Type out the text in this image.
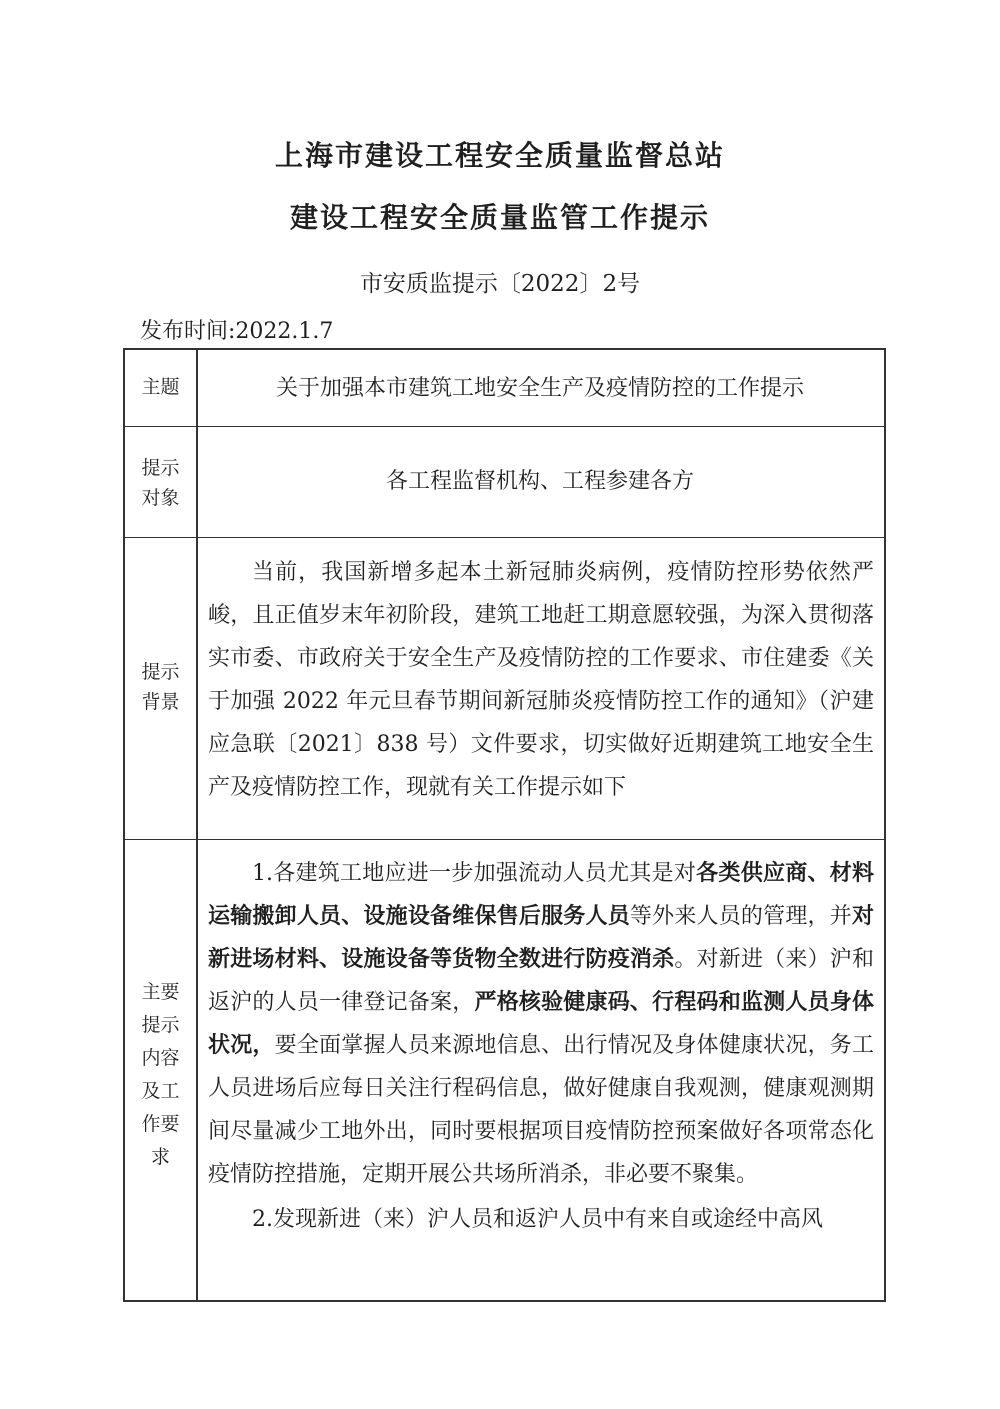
上海市建设工程安全质量监督总站
建设工程安全质量监管工作提示
市安质监提示〔2022〕2号
发布时间:2022.1.7
主题	关于加强本市建筑工地安全生产及疫情防控的工作提示
提示
对象
各工程监督机构、工程参建各方
提示
背景

当前，我国新增多起本土新冠肺炎病例，疫情防控形势依然严峻，且正值岁末年初阶段，建筑工地赶工期意愿较强，为深入贯彻落实市委、市政府关于安全生产及疫情防控的工作要求、市住建委《关于加强 2022 年元旦春节期间新冠肺炎疫情防控工作的通知》（沪建应急联〔2021〕838 号）文件要求，切实做好近期建筑工地安全生产及疫情防控工作，现就有关工作提示如下

主要
提示
内容
及工
作要
求

1.各建筑工地应进一步加强流动人员尤其是对各类供应商、材料运输搬卸人员、设施设备维保售后服务人员等外来人员的管理，并对新进场材料、设施设备等货物全数进行防疫消杀。对新进（来）沪和返沪的人员一律登记备案，严格核验健康码、行程码和监测人员身体状况，要全面掌握人员来源地信息、出行情况及身体健康状况，务工人员进场后应每日关注行程码信息，做好健康自我观测，健康观测期间尽量减少工地外出，同时要根据项目疫情防控预案做好各项常态化疫情防控措施，定期开展公共场所消杀，非必要不聚集。

2.发现新进（来）沪人员和返沪人员中有来自或途经中高风
